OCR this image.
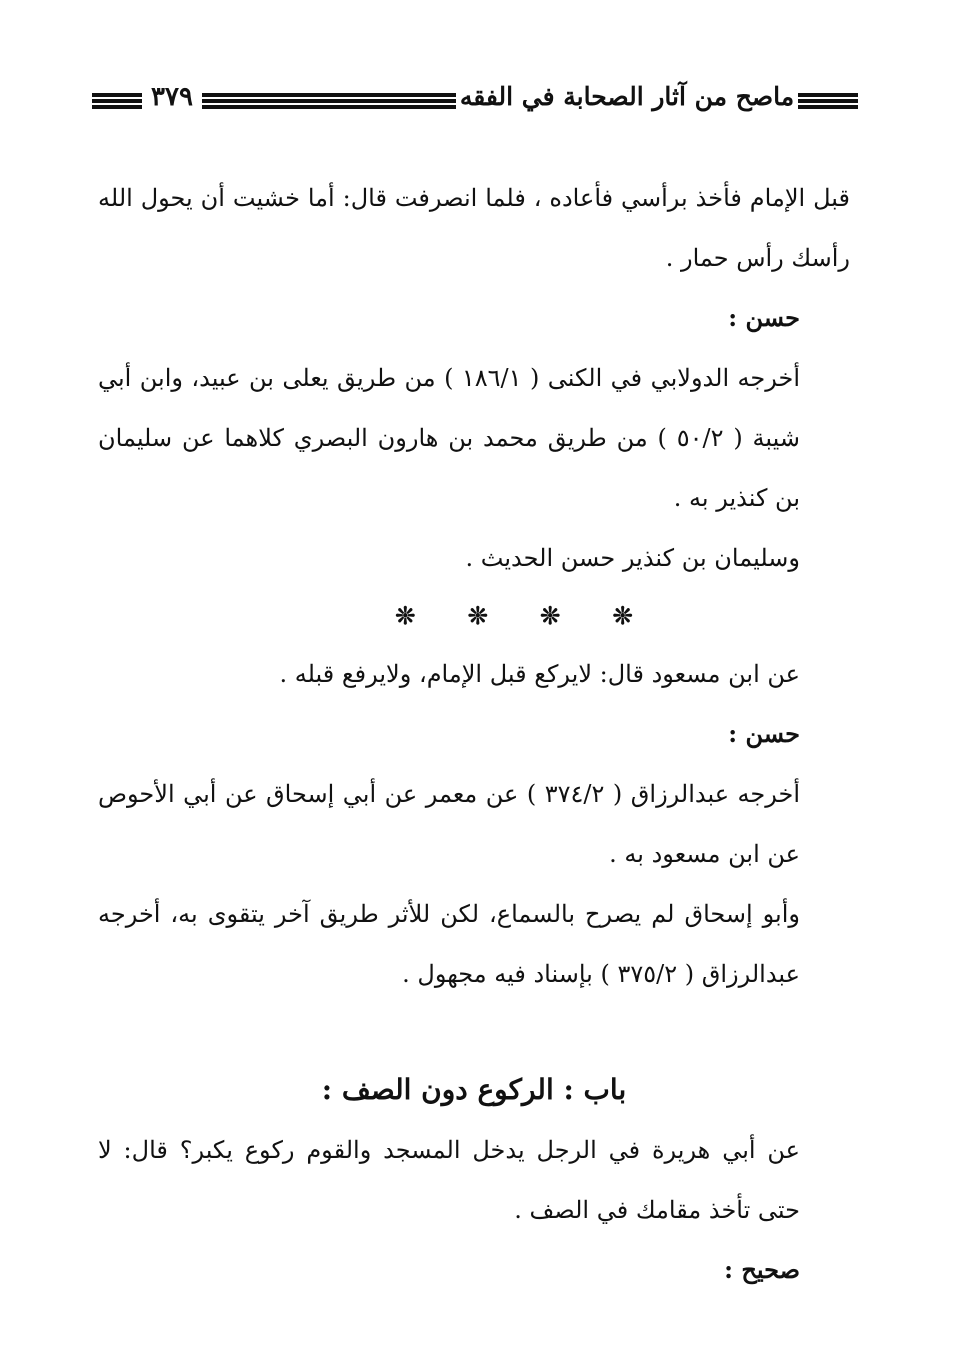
٣٧٩	ماصح من آثار الصحابة في الفقه

قبل الإمام فأخذ برأسي فأعاده ، فلما انصرفت قال: أما خشيت أن يحول الله رأسك رأس حمار .

حسن :

أخرجه الدولابي في الكنى ( ١٨٦/١ ) من طريق يعلى بن عبيد، وابن أبي شيبة ( ٥٠/٢ ) من طريق محمد بن هارون البصري كلاهما عن سليمان بن كنذير به .

وسليمان بن كنذير حسن الحديث .

❊ ❊ ❊ ❊

عن ابن مسعود قال: لايركع قبل الإمام، ولايرفع قبله .

حسن :

أخرجه عبدالرزاق ( ٣٧٤/٢ ) عن معمر عن أبي إسحاق عن أبي الأحوص عن ابن مسعود به .

وأبو إسحاق لم يصرح بالسماع، لكن للأثر طريق آخر يتقوى به، أخرجه عبدالرزاق ( ٣٧٥/٢ ) بإسناد فيه مجهول .

باب : الركوع دون الصف :

عن أبي هريرة في الرجل يدخل المسجد والقوم ركوع يكبر؟ قال: لا حتى تأخذ مقامك في الصف .

صحيح :
